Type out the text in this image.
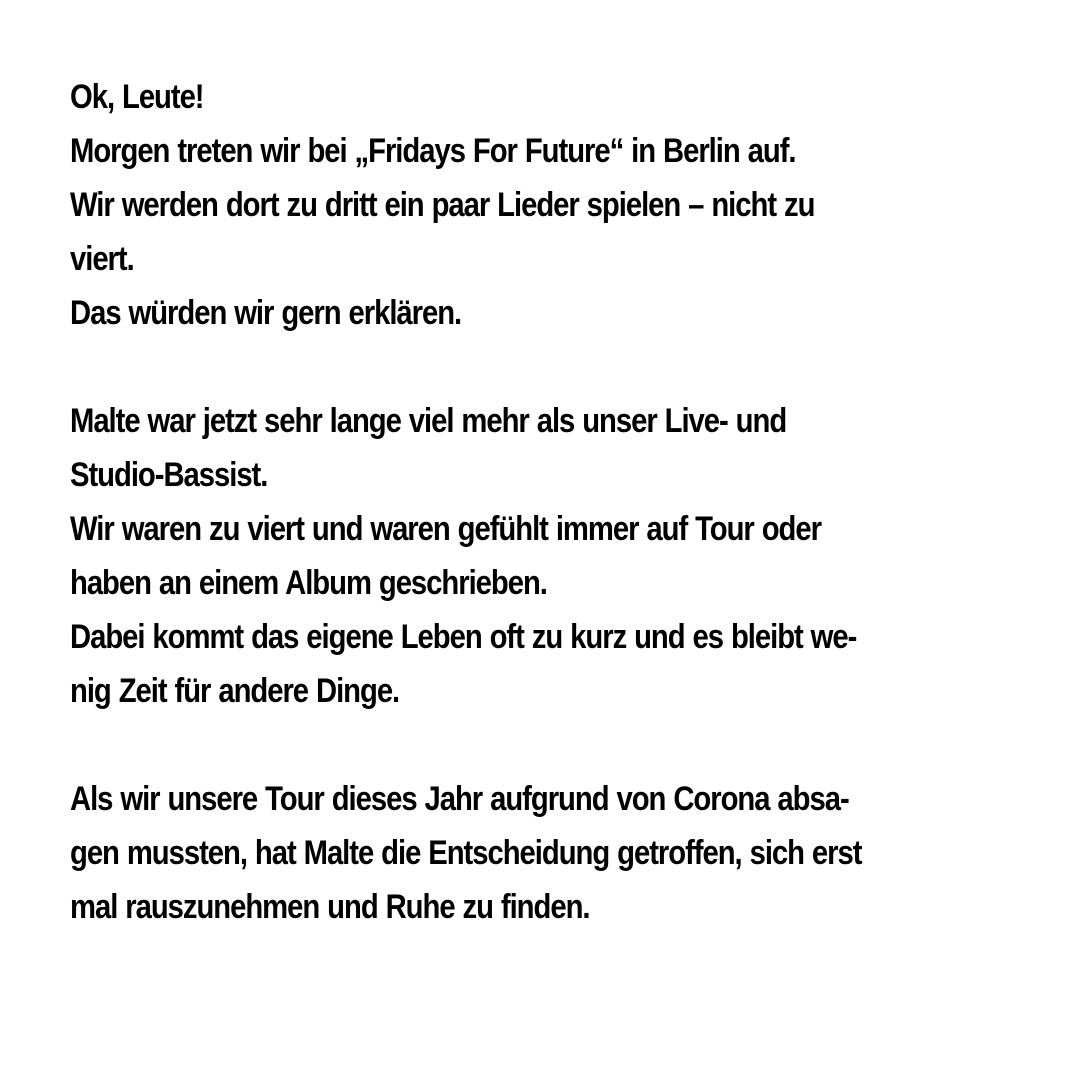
Ok, Leute!
Morgen treten wir bei „Fridays For Future“ in Berlin auf.
Wir werden dort zu dritt ein paar Lieder spielen – nicht zu
viert.
Das würden wir gern erklären.
Malte war jetzt sehr lange viel mehr als unser Live- und
Studio-Bassist.
Wir waren zu viert und waren gefühlt immer auf Tour oder
haben an einem Album geschrieben.
Dabei kommt das eigene Leben oft zu kurz und es bleibt we-
nig Zeit für andere Dinge.
Als wir unsere Tour dieses Jahr aufgrund von Corona absa-
gen mussten, hat Malte die Entscheidung getroffen, sich erst
mal rauszunehmen und Ruhe zu finden.
